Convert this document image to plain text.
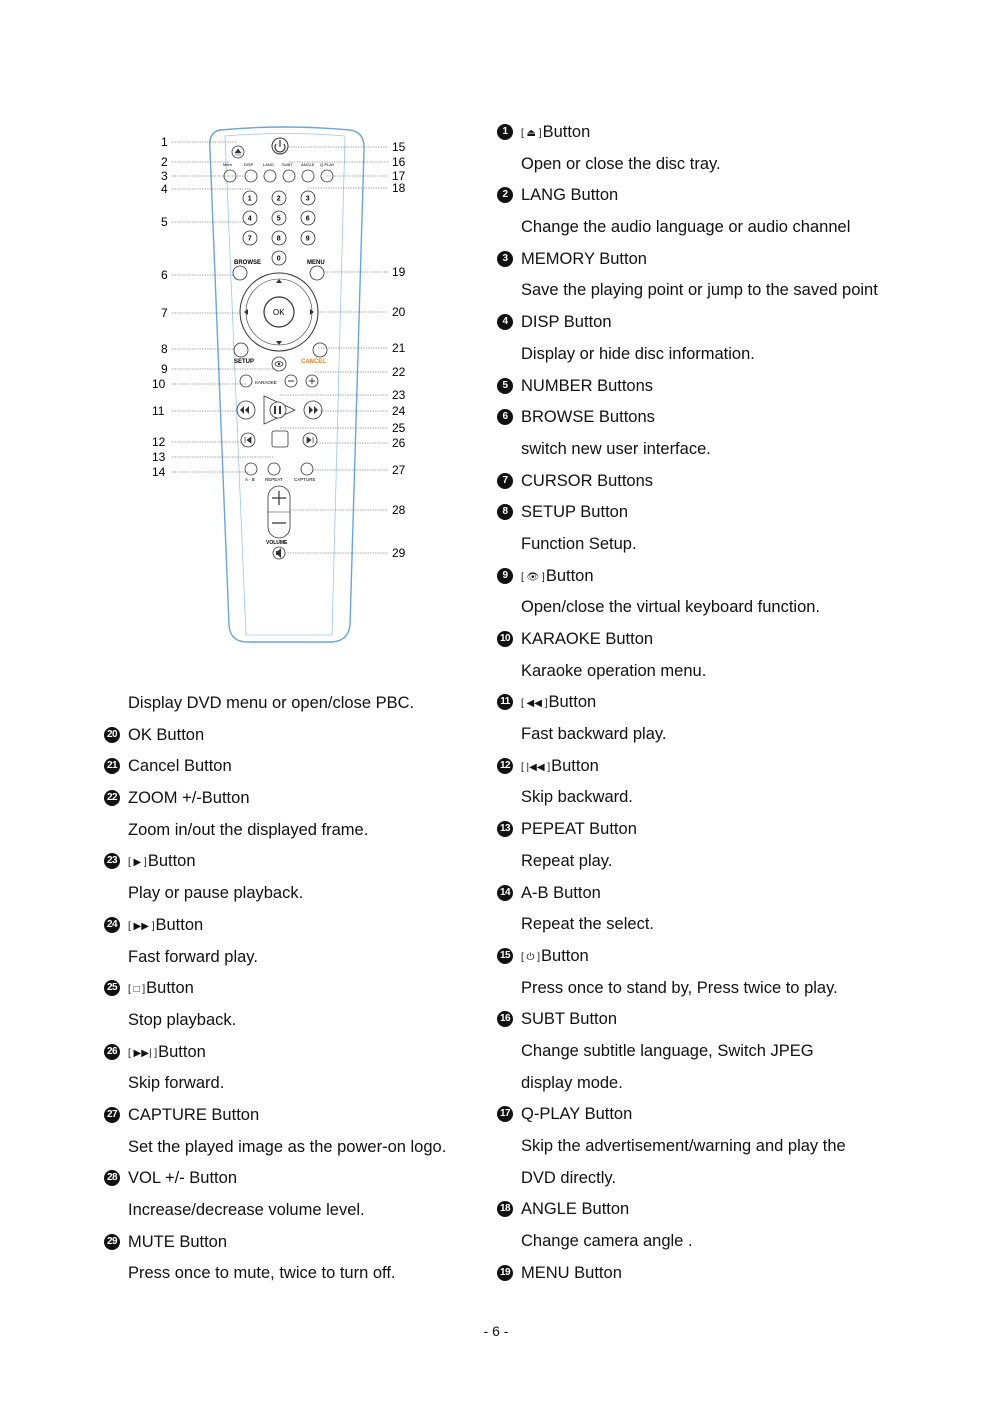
Mem	DISP LANG SUBT ANGLE Q-PLAY
1	2	3
4	5	6
7	8	9
0
BROWSE	MENU
OK
SETUP	CANCEL
KARAOKE
A - B REPEAT	CAPTURE
VOLUME
1
2
3
4
5
6
7
8
9
10
11
12
13
14
15
16
17
18
19
20
21
22
23
24
25
26
27
28
29
Display DVD menu or open/close PBC.
20 OK Button
21 Cancel Button
22 ZOOM +/-Button
Zoom in/out the displayed frame.
23 [ ▶ ]Button
Play or pause playback.
24 [ ▶▶ ]Button
Fast forward play.
25 [ □ ]Button
Stop playback.
26 [ ▶▶| ]Button
Skip forward.
27 CAPTURE Button
Set the played image as the power-on logo.
28 VOL +/- Button
Increase/decrease volume level.
29 MUTE Button
Press once to mute, twice to turn off.
1	[ ⏏ ]Button
Open or close the disc tray.
2 LANG Button
Change the audio language or audio channel
3 MEMORY Button
Save the playing point or jump to the saved point
4 DISP Button
Display or hide disc information.
5 NUMBER Buttons
6 BROWSE Buttons
switch new user interface.
7 CURSOR Buttons
8 SETUP Button
Function Setup.
9	[ 👁 ]Button
Open/close the virtual keyboard function.
10 KARAOKE Button
Karaoke operation menu.
11	[ ◀◀ ]Button
Fast backward play.
12 [ |◀◀ ]Button
Skip backward.
13 PEPEAT Button
Repeat play.
14 A-B Button
Repeat the select.
15 [ ⏻ ]Button
Press once to stand by, Press twice to play.
16 SUBT Button
Change subtitle language, Switch JPEG
display mode.
17 Q-PLAY Button
Skip the advertisement/warning and play the
DVD directly.
18 ANGLE Button
Change camera angle .
19 MENU Button
- 6 -
